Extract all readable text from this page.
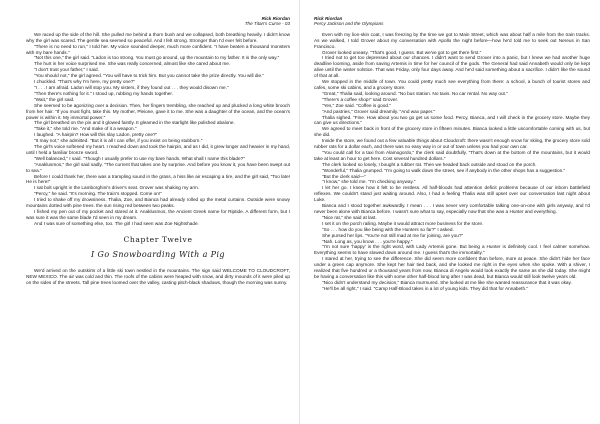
Rick Riordan
The Titan's Curse - 03

We raced up the side of the hill. She pulled me behind a thorn bush and we collapsed, both breathing heavily. I didn't know why the girl was scared. The gentle sea seemed so peaceful. And I felt strong. Stronger than I'd ever felt before.

"There is no need to run," I told her. My voice sounded deeper, much more confident. "I have beaten a thousand monsters with my bare hands."

"Not this one," the girl said. "Ladon is too strong. You must go around, up the mountain to my father. It is the only way."

The hurt in her voice surprised me. She was really concerned, almost like she cared about me.

"I don't trust your father," I said.

"You should not," the girl agreed. "You will have to trick him. But you cannot take the prize directly. You will die."

I chuckled. "That's why I'm here, my pretty one?"

"I . . . I am afraid. Ladon will stop you. My sisters, if they found out . . . they would disown me."

"Then there's nothing for it." I stood up, rubbing my hands together.

"Wait," the girl said.

She seemed to be agonizing over a decision. Then, her fingers trembling, she reached up and plucked a long white brooch from her hair. "If you must fight, take this. My mother, Pleione, gave it to me. She was a daughter of the ocean, and the ocean's power is within it. My immortal power."

The girl breathed on the pin and it glowed faintly. It gleamed in the starlight like polished abalone.

"Take it," she told me. "And make of it a weapon."

I laughed. "A hairpin? How will this slay Ladon, pretty one?"

"It may not," she admitted. "But it is all I can offer, if you insist on being stubborn."

The girl's voice softened my heart. I reached down and took the hairpin, and as I did, it grew longer and heavier in my hand, until I held a familiar bronze sword.

"Well balanced," I said. "Though I usually prefer to use my bare hands. What shall I name this blade?"

"Anaklusmos," the girl said sadly. "The current that takes one by surprise. And before you know it, you have been swept out to sea."

Before I could thank her, there was a trampling sound in the grass, a hiss like air escaping a tire, and the girl said, "Too late! He is here!"

I sat bolt upright in the Lamborghini's driver's seat. Grover was shaking my arm.

"Percy," he said. "It's morning. The train's stopped. Come on!"

I tried to shake off my drowsiness. Thalia, Zoe, and Bianca had already rolled up the metal curtains. Outside were snowy mountains dotted with pine trees. the sun rising red between two peaks.

I fished my pen out of my pocket and stared at it. Anaklusmos, the Ancient Greek name for Riptide. A different form, but I was sure it was the same blade I'd seen in my dream.

And I was sure of something else, too. The girl I had seen was Zoe Nightshade.

Chapter Twelve
I Go Snowboarding With a Pig

We'd arrived on the outskirts of a little ski town nestled in the mountains. The sign said WELCOME TO CLOUDCROFT, NEW MEXICO. The air was cold and thin. The roofs of the cabins were heaped with snow, and dirty mounds of it were piled up on the sides of the streets. Tall pine trees loomed over the valley, casting pitch-black shadows, though the morning was sunny.

Rick Riordan
Percy Jackson and the Olympians

Even with my lion-skin coat, I was freezing by the time we got to Main Street, which was about half a mile from the train tracks. As we walked, I told Grover about my conversation with Apollo the night before—how he'd told me to seek out Nereus in San Francisco.

Grover looked uneasy. "That's good, I guess. But we've got to get there first."

I tried not to get too depressed about our chances. I didn't want to send Grover into a panic, but I knew we had another huge deadline looming, aside from saving Artemis in time for her council of the gods. The General had said Annabeth would only be kept alive until the winter solstice. That was Friday, only four days away. And he'd said something about a sacrifice. I didn't like the sound of that at all.

We stopped in the middle of town. You could pretty much see everything from there: a school, a bunch of tourist stores and cafes, some ski cabins, and a grocery store.

"Great," Thalia said, looking around. "No bus station. No taxis. No car rental. No way out."

"There's a coffee shop!" said Grover.

"Yes," Zoe said. "Coffee is good."

"And pastries," Grover said dreamily. "And wax paper."

Thalia sighed. "Fine. How about you two go get us some food. Percy, Bianca, and I will check in the grocery store. Maybe they can give us directions."

We agreed to meet back in front of the grocery store in fifteen minutes. Bianca looked a little uncomfortable coming with us, but she did.

Inside the store, we found out a few valuable things about Cloudcroft: there wasn't enough snow for skiing, the grocery store sold rubber rats for a dollar each, and there was no easy way in or out of town unless you had your own car.

"You could call for a taxi from Alamogordo," the clerk said doubtfully. "That's down at the bottom of the mountains, but it would take at least an hour to get here. Cost several hundred dollars."

The clerk looked so lonely, I bought a rubber rat. Then we headed back outside and stood on the porch.

"Wonderful," Thalia grumped. "I'm going to walk down the street, see if anybody in the other shops has a suggestion."

"But the clerk said—"

"I know," she told me. "I'm checking anyway."

I let her go. I knew how it felt to be restless. All half-bloods had attention deficit problems because of our inborn battlefield reflexes. We couldn't stand just waiting around. Also, I had a feeling Thalia was still upset over our conversation last night about Luke.

Bianca and I stood together awkwardly. I mean . . . I was never very comfortable talking one-on-one with girls anyway, and I'd never been alone with Bianca before. I wasn't sure what to say, especially now that she was a Hunter and everything.

"Nice rat," she said at last.

I set it on the porch railing. Maybe it would attract more business for the store.

"So . . . how do you like being with the Hunters so far?" I asked.

She pursed her lips. "You're not still mad at me for joining, are you?"

"Nah. Long as, you know . . . you're happy."

"I'm not sure 'happy' is the right word, with Lady Artemis gone. But being a Hunter is definitely cool. I feel calmer somehow. Everything seems to have slowed down around me. I guess that's the immortality."

I stared at her, trying to see the difference. She did seem more confident than before, more at peace. She didn't hide her face under a green cap anymore. She kept her hair tied back, and she looked me right in the eyes when she spoke. With a shiver, I realized that five hundred or a thousand years from now, Bianca di Angelo would look exactly the same as she did today. She might be having a conversation like this with some other half-blood long after I was dead, but Bianca would still look twelve years old.

"Nico didn't understand my decision," Bianca murmured. She looked at me like she wanted reassurance that it was okay.

"He'll be all right," I said. "Camp Half-Blood takes in a lot of young kids. They did that for Annabeth."
